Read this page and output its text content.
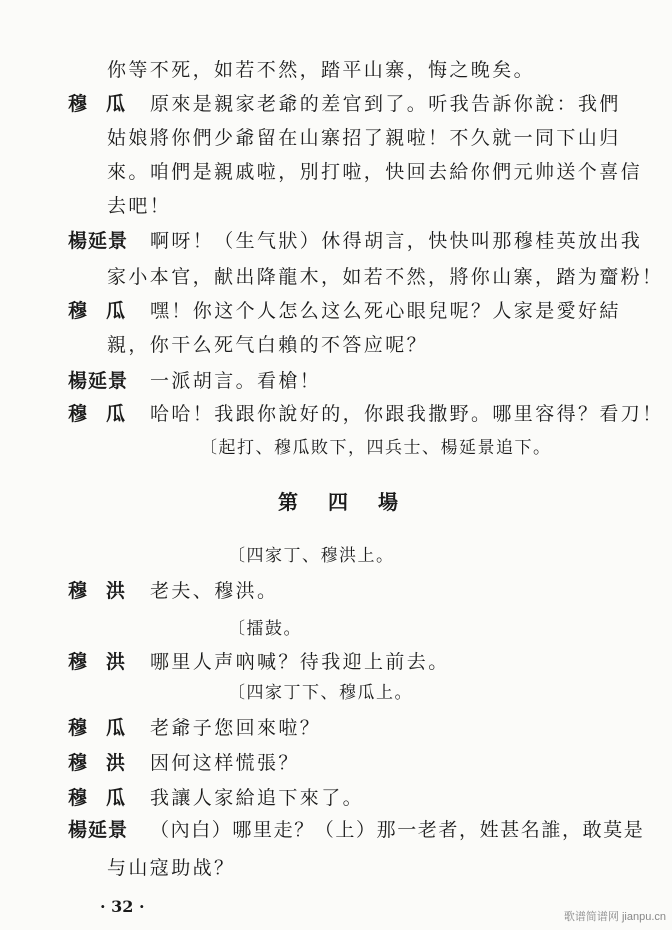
你等不死，如若不然，踏平山寨，悔之晚矣。
穆瓜 原來是親家老爺的差官到了。听我告訴你說：我們
姑娘將你們少爺留在山寨招了親啦！不久就一同下山归
來。咱們是親戚啦，別打啦，快回去給你們元帅送个喜信
去吧！
楊延景 啊呀！（生气狀）休得胡言，快快叫那穆桂英放出我
家小本官，献出降龍木，如若不然，將你山寨，踏为齏粉！
穆瓜 嘿！你这个人怎么这么死心眼兒呢？人家是愛好結
親，你干么死气白賴的不答应呢？
楊延景 一派胡言。看槍！
穆瓜 哈哈！我跟你說好的，你跟我撒野。哪里容得？看刀！
〔起打、穆瓜敗下，四兵士、楊延景追下。
第四場
〔四家丁、穆洪上。
穆洪 老夫、穆洪。
〔擂鼓。
穆洪 哪里人声吶喊？待我迎上前去。
〔四家丁下、穆瓜上。
穆瓜 老爺子您回來啦？
穆洪 因何这样慌張？
穆瓜 我讓人家給追下來了。
楊延景 （內白）哪里走？（上）那一老者，姓甚名誰，敢莫是
与山寇助战？
· 32 ·
歌谱简谱网 jianpu.cn
